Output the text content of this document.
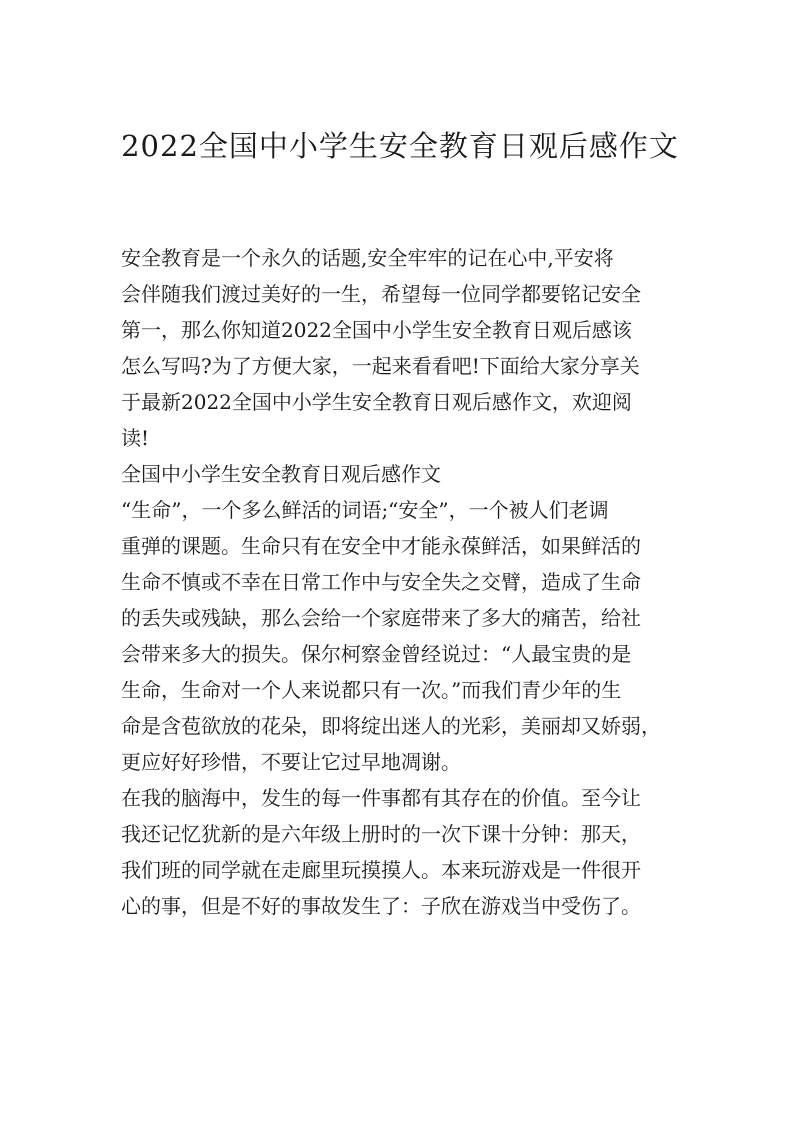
2022全国中小学生安全教育日观后感作文
安全教育是一个永久的话题,安全牢牢的记在心中,平安将
会伴随我们渡过美好的一生，希望每一位同学都要铭记安全
第一，那么你知道2022全国中小学生安全教育日观后感该
怎么写吗?为了方便大家，一起来看看吧!下面给大家分享关
于最新2022全国中小学生安全教育日观后感作文，欢迎阅
读!
全国中小学生安全教育日观后感作文
“生命”，一个多么鲜活的词语;“安全”，一个被人们老调
重弹的课题。生命只有在安全中才能永葆鲜活，如果鲜活的
生命不慎或不幸在日常工作中与安全失之交臂，造成了生命
的丢失或残缺，那么会给一个家庭带来了多大的痛苦，给社
会带来多大的损失。保尔柯察金曾经说过：“人最宝贵的是
生命，生命对一个人来说都只有一次。”而我们青少年的生
命是含苞欲放的花朵，即将绽出迷人的光彩，美丽却又娇弱，
更应好好珍惜，不要让它过早地凋谢。
在我的脑海中，发生的每一件事都有其存在的价值。至今让
我还记忆犹新的是六年级上册时的一次下课十分钟：那天，
我们班的同学就在走廊里玩摸摸人。本来玩游戏是一件很开
心的事，但是不好的事故发生了：子欣在游戏当中受伤了。
